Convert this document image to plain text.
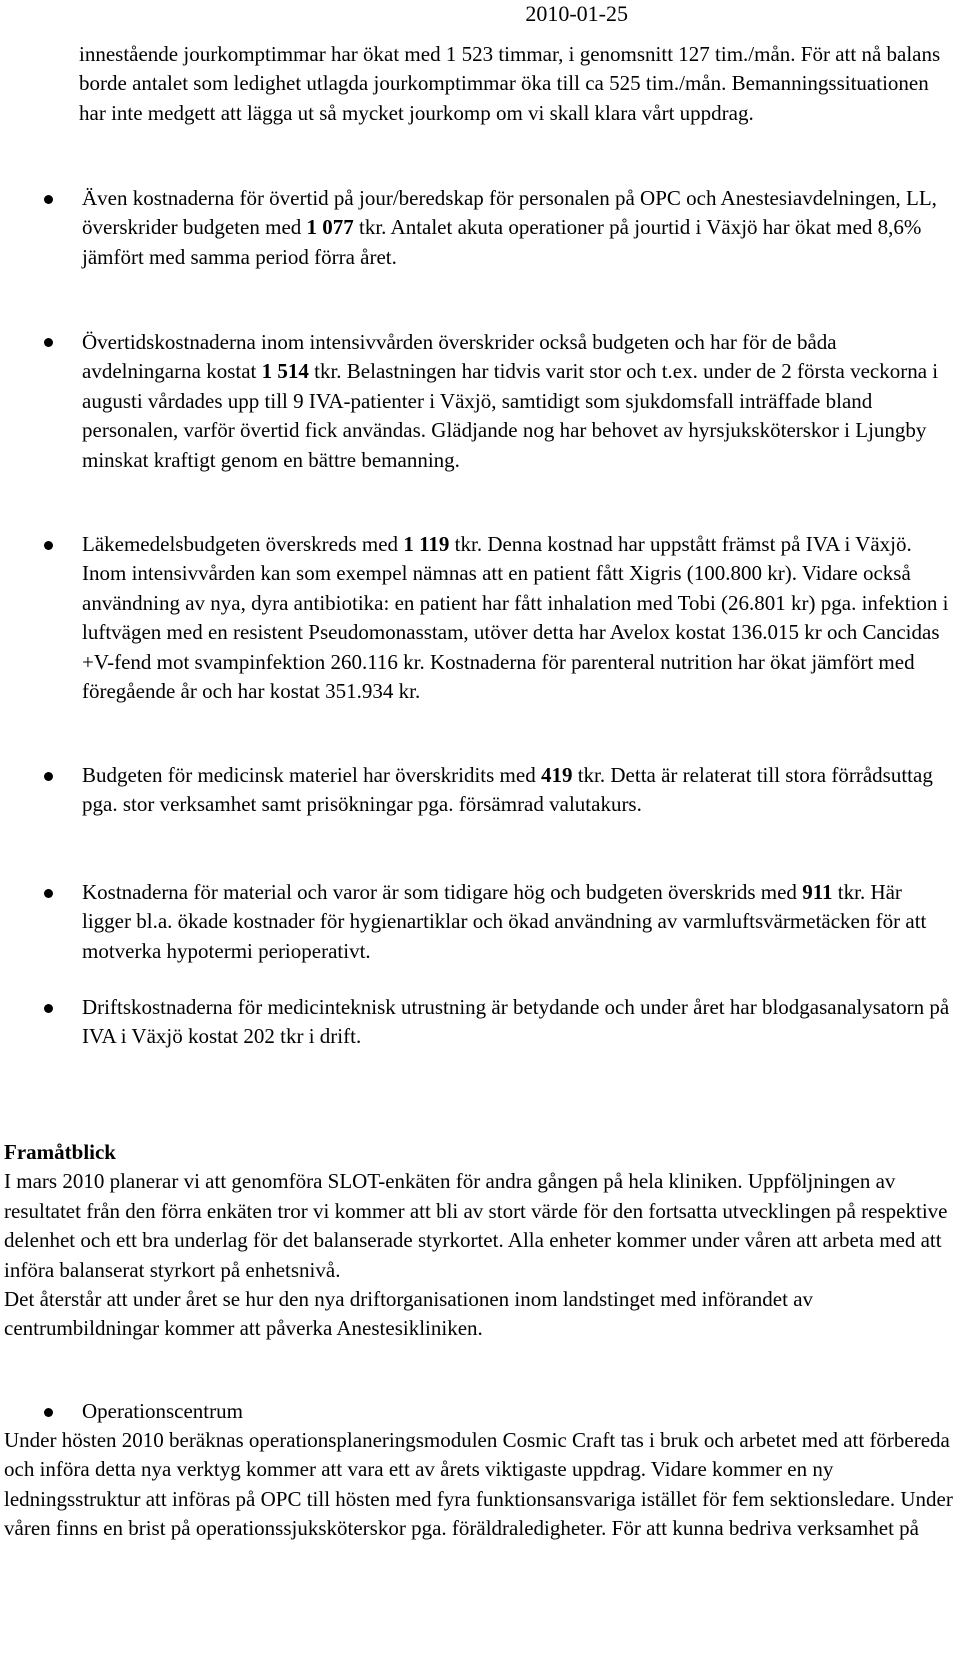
2010-01-25

innestående jourkomptimmar har ökat med 1 523 timmar, i genomsnitt 127 tim./mån. För att nå balans borde antalet som ledighet utlagda jourkomptimmar öka till ca 525 tim./mån. Bemanningssituationen har inte medgett att lägga ut så mycket jourkomp om vi skall klara vårt uppdrag.

Även kostnaderna för övertid på jour/beredskap för personalen på OPC och Anestesiavdelningen, LL, överskrider budgeten med 1 077 tkr. Antalet akuta operationer på jourtid i Växjö har ökat med 8,6% jämfört med samma period förra året.

Övertidskostnaderna inom intensivvården överskrider också budgeten och har för de båda avdelningarna kostat 1 514 tkr. Belastningen har tidvis varit stor och t.ex. under de 2 första veckorna i augusti vårdades upp till 9 IVA-patienter i Växjö, samtidigt som sjukdomsfall inträffade bland personalen, varför övertid fick användas. Glädjande nog har behovet av hyrsjuksköterskor i Ljungby minskat kraftigt genom en bättre bemanning.

Läkemedelsbudgeten överskreds med 1 119 tkr. Denna kostnad har uppstått främst på IVA i Växjö. Inom intensivvården kan som exempel nämnas att en patient fått Xigris (100.800 kr). Vidare också användning av nya, dyra antibiotika: en patient har fått inhalation med Tobi (26.801 kr) pga. infektion i luftvägen med en resistent Pseudomonasstam, utöver detta har Avelox kostat 136.015 kr och Cancidas +V-fend mot svampinfektion 260.116 kr. Kostnaderna för parenteral nutrition har ökat jämfört med föregående år och har kostat 351.934 kr.

Budgeten för medicinsk materiel har överskridits med 419 tkr. Detta är relaterat till stora förrådsuttag pga. stor verksamhet samt prisökningar pga. försämrad valutakurs.

Kostnaderna för material och varor är som tidigare hög och budgeten överskrids med 911 tkr. Här ligger bl.a. ökade kostnader för hygienartiklar och ökad användning av varmluftsvärmetäcken för att motverka hypotermi perioperativt.

Driftskostnaderna för medicinteknisk utrustning är betydande och under året har blodgasanalysatorn på IVA i Växjö kostat 202 tkr i drift.

Framåtblick
I mars 2010 planerar vi att genomföra SLOT-enkäten för andra gången på hela kliniken. Uppföljningen av resultatet från den förra enkäten tror vi kommer att bli av stort värde för den fortsatta utvecklingen på respektive delenhet och ett bra underlag för det balanserade styrkortet. Alla enheter kommer under våren att arbeta med att införa balanserat styrkort på enhetsnivå.
Det återstår att under året se hur den nya driftorganisationen inom landstinget med införandet av centrumbildningar kommer att påverka Anestesikliniken.

Operationscentrum

Under hösten 2010 beräknas operationsplaneringsmodulen Cosmic Craft tas i bruk och arbetet med att förbereda och införa detta nya verktyg kommer att vara ett av årets viktigaste uppdrag. Vidare kommer en ny ledningsstruktur att införas på OPC till hösten med fyra funktionsansvariga istället för fem sektionsledare. Under våren finns en brist på operationssjuksköterskor pga. föräldraledigheter. För att kunna bedriva verksamhet på
